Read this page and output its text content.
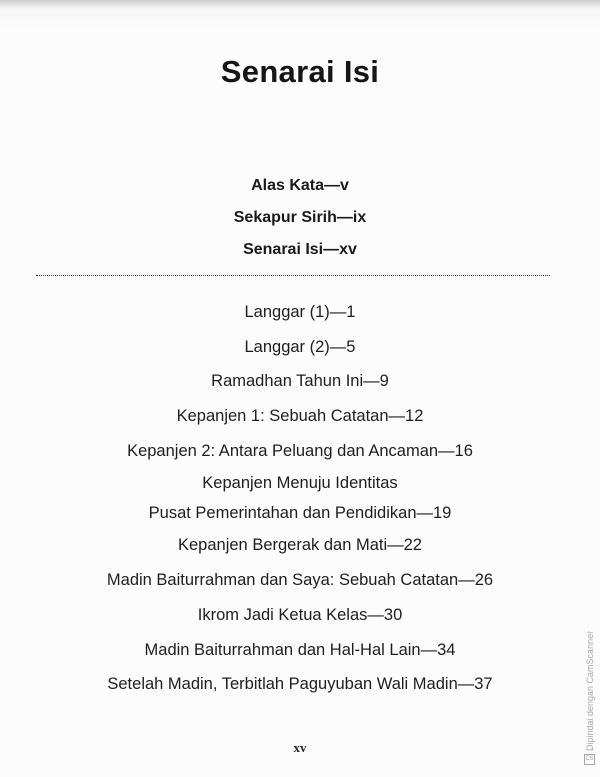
Senarai Isi
Alas Kata—v
Sekapur Sirih—ix
Senarai Isi—xv
Langgar (1)—1
Langgar (2)—5
Ramadhan Tahun Ini—9
Kepanjen 1: Sebuah Catatan—12
Kepanjen 2: Antara Peluang dan Ancaman—16
Kepanjen Menuju Identitas
Pusat Pemerintahan dan Pendidikan—19
Kepanjen Bergerak dan Mati—22
Madin Baiturrahman dan Saya: Sebuah Catatan—26
Ikrom Jadi Ketua Kelas—30
Madin Baiturrahman dan Hal-Hal Lain—34
Setelah Madin, Terbitlah Paguyuban Wali Madin—37
xv
CS
Dipindai dengan CamScanner
